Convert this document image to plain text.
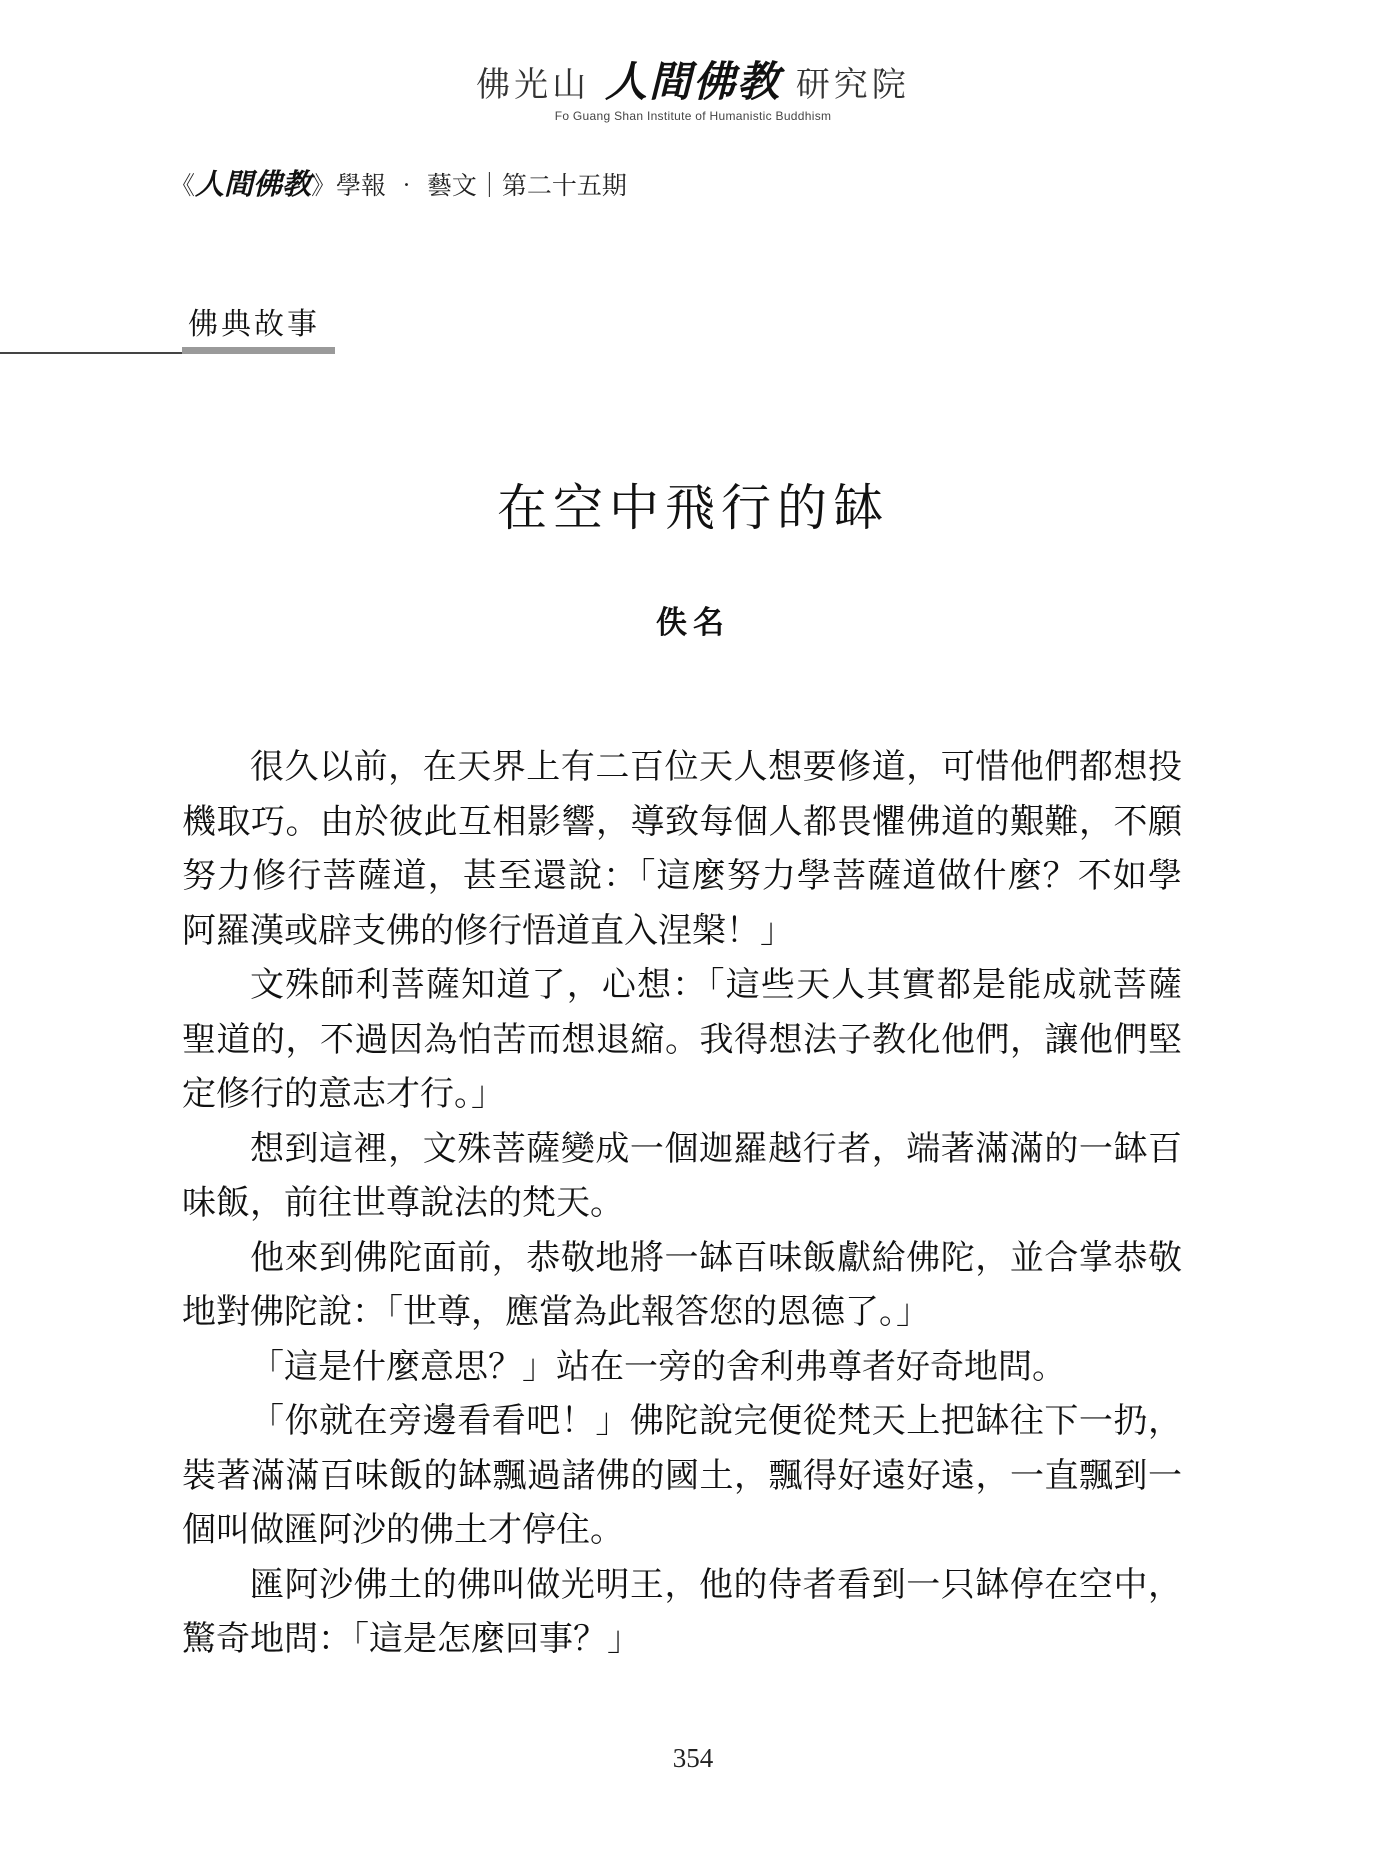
佛光山 人間佛教 研究院
Fo Guang Shan Institute of Humanistic Buddhism
《人間佛教》學報 ‧ 藝文｜第二十五期
佛典故事
在空中飛行的缽
佚名

很久以前，在天界上有二百位天人想要修道，可惜他們都想投機取巧。由於彼此互相影響，導致每個人都畏懼佛道的艱難，不願努力修行菩薩道，甚至還說：「這麼努力學菩薩道做什麼？不如學阿羅漢或辟支佛的修行悟道直入涅槃！」

文殊師利菩薩知道了，心想：「這些天人其實都是能成就菩薩聖道的，不過因為怕苦而想退縮。我得想法子教化他們，讓他們堅定修行的意志才行。」

想到這裡，文殊菩薩變成一個迦羅越行者，端著滿滿的一缽百味飯，前往世尊說法的梵天。

他來到佛陀面前，恭敬地將一缽百味飯獻給佛陀，並合掌恭敬地對佛陀說：「世尊，應當為此報答您的恩德了。」

「這是什麼意思？」站在一旁的舍利弗尊者好奇地問。

「你就在旁邊看看吧！」佛陀說完便從梵天上把缽往下一扔，裝著滿滿百味飯的缽飄過諸佛的國土，飄得好遠好遠，一直飄到一個叫做匯阿沙的佛土才停住。

匯阿沙佛土的佛叫做光明王，他的侍者看到一只缽停在空中，驚奇地問：「這是怎麼回事？」

354
